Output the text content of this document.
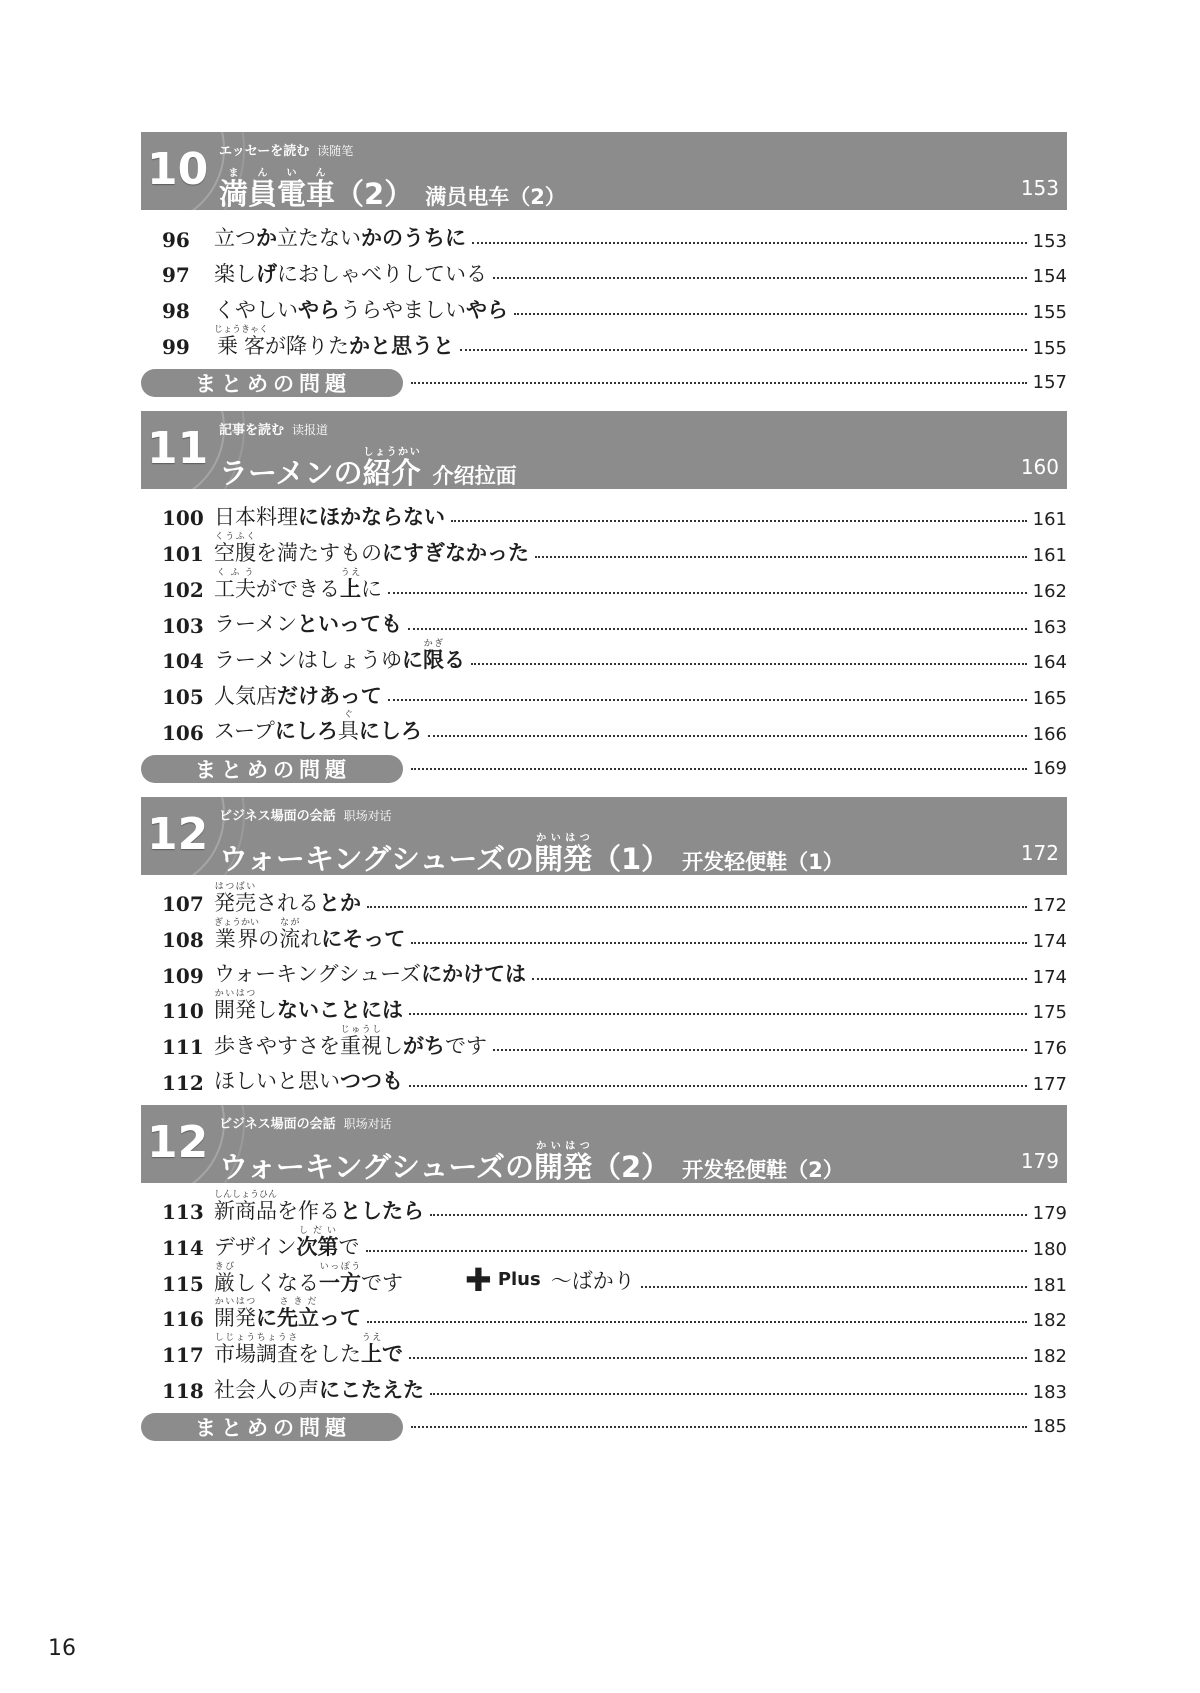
10 エッセーを読む 读随笔
満員電車まんいん（2） 满员电车（2）	153
96	立つか立たないかのうちに	153
97	楽しげにおしゃべりしている	154
98	くやしいやらうらやましいやら	155
99	乗客じょうきゃくが降りたかと思うと	155
まとめの問題	157
11 記事を読む 读报道
ラーメンの紹介しょうかい介绍拉面	160
100 日本料理にほかならない	161
101 空腹くうふくを満たすものにすぎなかった	161
102 工夫くふうができる上うえに	162
103 ラーメンといっても	163
104 ラーメンはしょうゆに限かぎる	164
105 人気店だけあって	165
106 スープにしろ具ぐにしろ	166
まとめの問題	169
12 ビジネス場面の会話 职场对话
ウォーキングシューズの開発かいはつ（1） 开发轻便鞋（1）	172
107 発売はつばいされるとか	172
108 業界ぎょうかいの流ながれにそって	174
109 ウォーキングシューズにかけては	174
110 開発かいはつしないことには	175
111 歩きやすさを重視じゅうししがちです	176
112 ほしいと思いつつも	177
12 ビジネス場面の会話 职场对话
ウォーキングシューズの開発かいはつ（2） 开发轻便鞋（2）	179
113 新商品しんしょうひんを作るとしたら	179
114 デザイン次第しだいで	180
115 厳きびしくなる一方いっぽうです ✚ Plus ～ばかり	181
116 開発かいはつに先立さきだって	182
117 市場しじょう調査ちょうさをした上うえで	182
118 社会人の声にこたえた	183
まとめの問題	185
16
